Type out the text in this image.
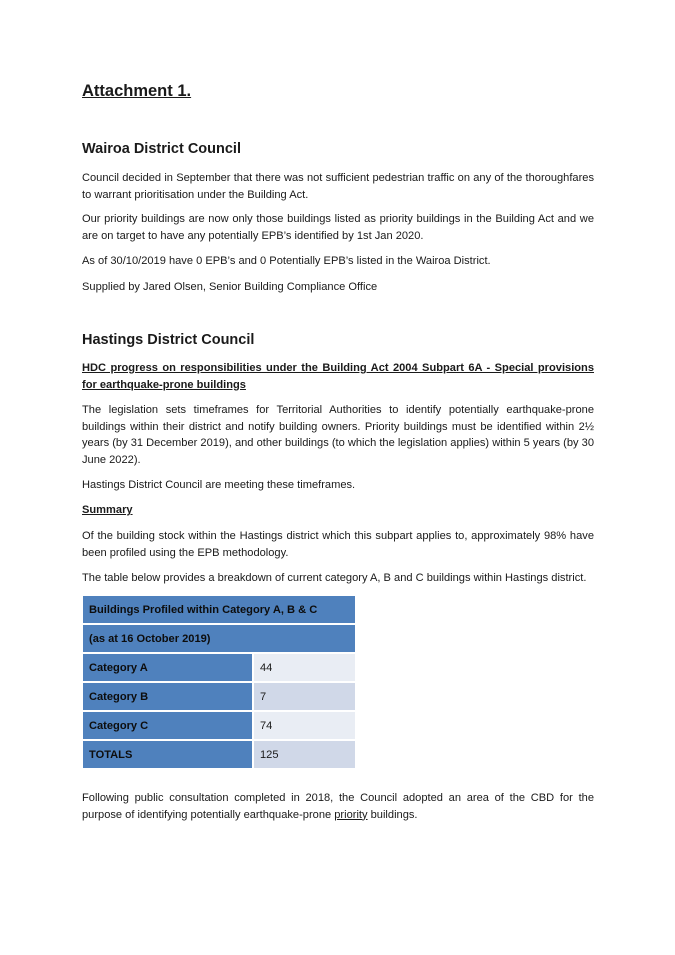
Attachment 1.
Wairoa District Council

Council decided in September that there was not sufficient pedestrian traffic on any of the thoroughfares to warrant prioritisation under the Building Act.

Our priority buildings are now only those buildings listed as priority buildings in the Building Act and we are on target to have any potentially EPB’s identified by 1st Jan 2020.

As of 30/10/2019 have 0 EPB’s and 0 Potentially EPB’s listed in the Wairoa District.

Supplied by Jared Olsen, Senior Building Compliance Office

Hastings District Council

HDC progress on responsibilities under the Building Act 2004 Subpart 6A - Special provisions for earthquake-prone buildings

The legislation sets timeframes for Territorial Authorities to identify potentially earthquake-prone buildings within their district and notify building owners. Priority buildings must be identified within 2½ years (by 31 December 2019), and other buildings (to which the legislation applies) within 5 years (by 30 June 2022).

Hastings District Council are meeting these timeframes.

Summary

Of the building stock within the Hastings district which this subpart applies to, approximately 98% have been profiled using the EPB methodology.

The table below provides a breakdown of current category A, B and C buildings within Hastings district.

Buildings Profiled within Category A, B & C	
(as at 16 October 2019)	
Category A	44
Category B	7
Category C	74
TOTALS	125

Following public consultation completed in 2018, the Council adopted an area of the CBD for the purpose of identifying potentially earthquake-prone priority buildings.
